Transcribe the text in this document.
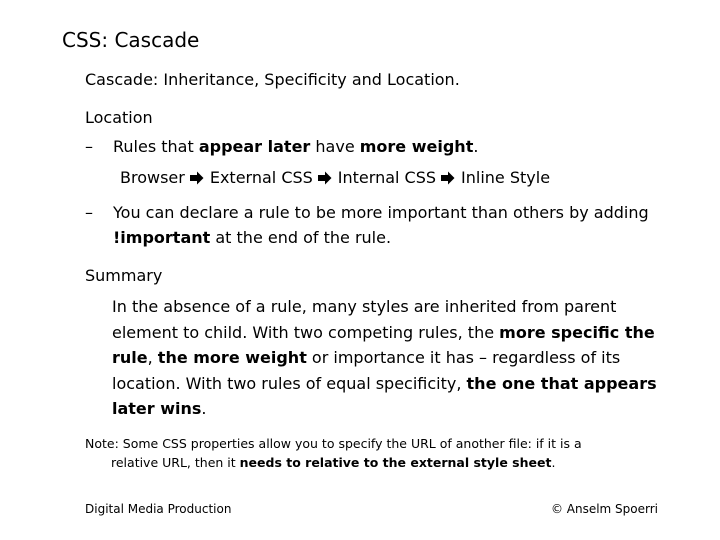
CSS: Cascade
Cascade: Inheritance, Specificity and Location.
Location
– Rules that appear later have more weight.
Browser External CSS Internal CSS Inline Style
– You can declare a rule to be more important than others by adding !important at the end of the rule.
Summary
In the absence of a rule, many styles are inherited from parent element to child. With two competing rules, the more specific the rule, the more weight or importance it has – regardless of its location. With two rules of equal specificity, the one that appears later wins.
Note: Some CSS properties allow you to specify the URL of another file: if it is a
relative URL, then it needs to relative to the external style sheet.
Digital Media Production	© Anselm Spoerri
